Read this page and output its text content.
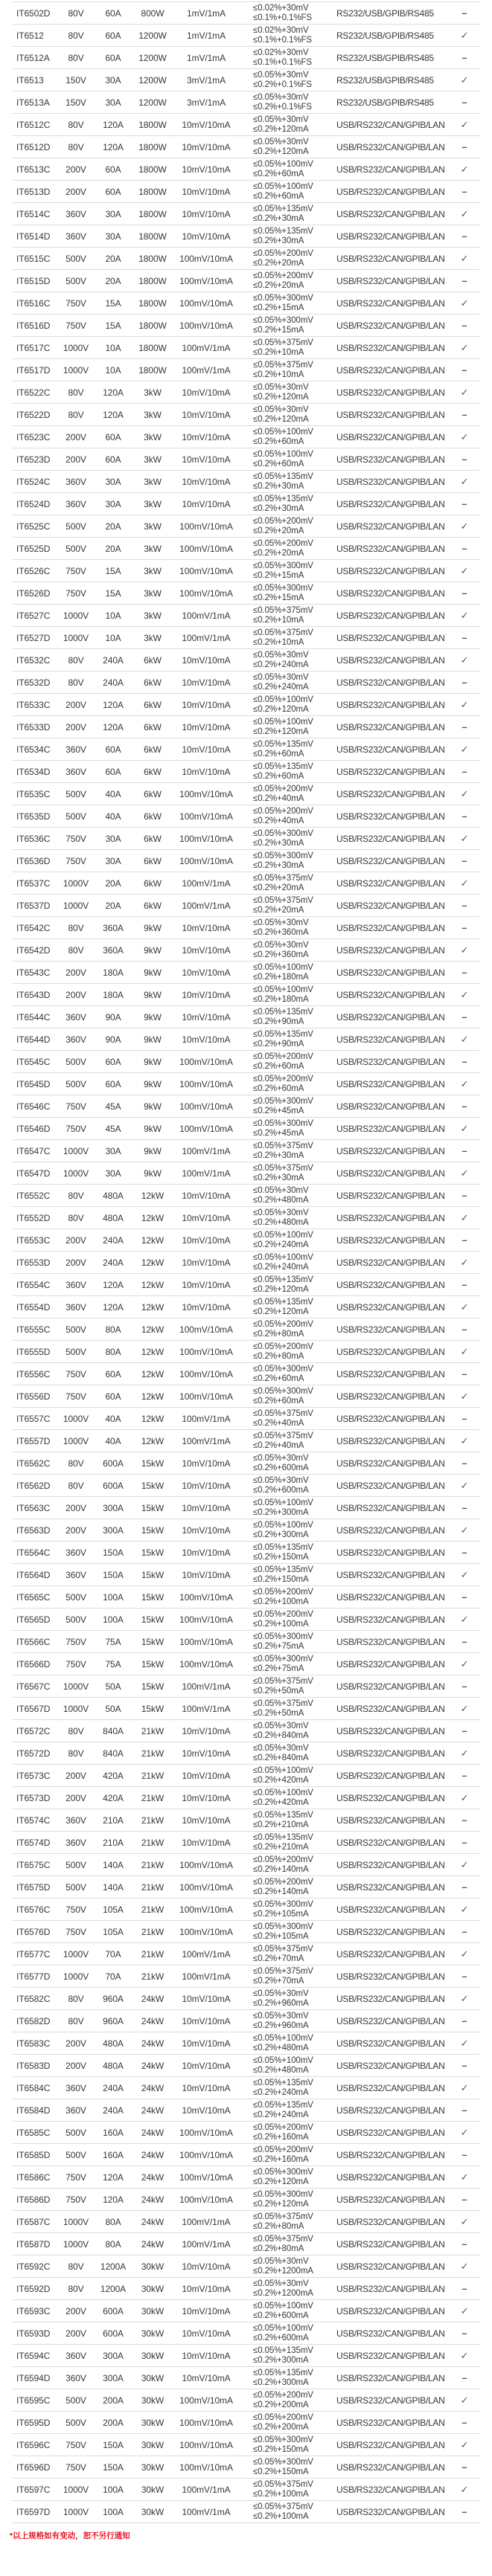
IT6502D	80V	60A	800W	1mV/1mA	≤0.02%+30mV
≤0.1%+0.1%FS	RS232/USB/GPIB/RS485	–
IT6512	80V	60A	1200W	1mV/1mA	≤0.02%+30mV
≤0.1%+0.1%FS	RS232/USB/GPIB/RS485	✓
IT6512A	80V	60A	1200W	1mV/1mA	≤0.02%+30mV
≤0.1%+0.1%FS	RS232/USB/GPIB/RS485	–
IT6513	150V	30A	1200W	3mV/1mA	≤0.05%+30mV
≤0.2%+0.1%FS	RS232/USB/GPIB/RS485	✓
IT6513A	150V	30A	1200W	3mV/1mA	≤0.05%+30mV
≤0.2%+0.1%FS	RS232/USB/GPIB/RS485	–
IT6512C	80V	120A	1800W	10mV/10mA	≤0.05%+30mV
≤0.2%+120mA	USB/RS232/CAN/GPIB/LAN	✓
IT6512D	80V	120A	1800W	10mV/10mA	≤0.05%+30mV
≤0.2%+120mA	USB/RS232/CAN/GPIB/LAN	–
IT6513C	200V	60A	1800W	10mV/10mA	≤0.05%+100mV
≤0.2%+60mA	USB/RS232/CAN/GPIB/LAN	✓
IT6513D	200V	60A	1800W	10mV/10mA	≤0.05%+100mV
≤0.2%+60mA	USB/RS232/CAN/GPIB/LAN	–
IT6514C	360V	30A	1800W	10mV/10mA	≤0.05%+135mV
≤0.2%+30mA	USB/RS232/CAN/GPIB/LAN	✓
IT6514D	360V	30A	1800W	10mV/10mA	≤0.05%+135mV
≤0.2%+30mA	USB/RS232/CAN/GPIB/LAN	–
IT6515C	500V	20A	1800W	100mV/10mA	≤0.05%+200mV
≤0.2%+20mA	USB/RS232/CAN/GPIB/LAN	✓
IT6515D	500V	20A	1800W	100mV/10mA	≤0.05%+200mV
≤0.2%+20mA	USB/RS232/CAN/GPIB/LAN	–
IT6516C	750V	15A	1800W	100mV/10mA	≤0.05%+300mV
≤0.2%+15mA	USB/RS232/CAN/GPIB/LAN	✓
IT6516D	750V	15A	1800W	100mV/10mA	≤0.05%+300mV
≤0.2%+15mA	USB/RS232/CAN/GPIB/LAN	–
IT6517C	1000V	10A	1800W	100mV/1mA	≤0.05%+375mV
≤0.2%+10mA	USB/RS232/CAN/GPIB/LAN	✓
IT6517D	1000V	10A	1800W	100mV/1mA	≤0.05%+375mV
≤0.2%+10mA	USB/RS232/CAN/GPIB/LAN	–
IT6522C	80V	120A	3kW	10mV/10mA	≤0.05%+30mV
≤0.2%+120mA	USB/RS232/CAN/GPIB/LAN	✓
IT6522D	80V	120A	3kW	10mV/10mA	≤0.05%+30mV
≤0.2%+120mA	USB/RS232/CAN/GPIB/LAN	–
IT6523C	200V	60A	3kW	10mV/10mA	≤0.05%+100mV
≤0.2%+60mA	USB/RS232/CAN/GPIB/LAN	✓
IT6523D	200V	60A	3kW	10mV/10mA	≤0.05%+100mV
≤0.2%+60mA	USB/RS232/CAN/GPIB/LAN	–
IT6524C	360V	30A	3kW	10mV/10mA	≤0.05%+135mV
≤0.2%+30mA	USB/RS232/CAN/GPIB/LAN	✓
IT6524D	360V	30A	3kW	10mV/10mA	≤0.05%+135mV
≤0.2%+30mA	USB/RS232/CAN/GPIB/LAN	–
IT6525C	500V	20A	3kW	100mV/10mA	≤0.05%+200mV
≤0.2%+20mA	USB/RS232/CAN/GPIB/LAN	✓
IT6525D	500V	20A	3kW	100mV/10mA	≤0.05%+200mV
≤0.2%+20mA	USB/RS232/CAN/GPIB/LAN	–
IT6526C	750V	15A	3kW	100mV/10mA	≤0.05%+300mV
≤0.2%+15mA	USB/RS232/CAN/GPIB/LAN	✓
IT6526D	750V	15A	3kW	100mV/10mA	≤0.05%+300mV
≤0.2%+15mA	USB/RS232/CAN/GPIB/LAN	–
IT6527C	1000V	10A	3kW	100mV/1mA	≤0.05%+375mV
≤0.2%+10mA	USB/RS232/CAN/GPIB/LAN	✓
IT6527D	1000V	10A	3kW	100mV/1mA	≤0.05%+375mV
≤0.2%+10mA	USB/RS232/CAN/GPIB/LAN	–
IT6532C	80V	240A	6kW	10mV/10mA	≤0.05%+30mV
≤0.2%+240mA	USB/RS232/CAN/GPIB/LAN	✓
IT6532D	80V	240A	6kW	10mV/10mA	≤0.05%+30mV
≤0.2%+240mA	USB/RS232/CAN/GPIB/LAN	–
IT6533C	200V	120A	6kW	10mV/10mA	≤0.05%+100mV
≤0.2%+120mA	USB/RS232/CAN/GPIB/LAN	✓
IT6533D	200V	120A	6kW	10mV/10mA	≤0.05%+100mV
≤0.2%+120mA	USB/RS232/CAN/GPIB/LAN	–
IT6534C	360V	60A	6kW	10mV/10mA	≤0.05%+135mV
≤0.2%+60mA	USB/RS232/CAN/GPIB/LAN	✓
IT6534D	360V	60A	6kW	10mV/10mA	≤0.05%+135mV
≤0.2%+60mA	USB/RS232/CAN/GPIB/LAN	–
IT6535C	500V	40A	6kW	100mV/10mA	≤0.05%+200mV
≤0.2%+40mA	USB/RS232/CAN/GPIB/LAN	✓
IT6535D	500V	40A	6kW	100mV/10mA	≤0.05%+200mV
≤0.2%+40mA	USB/RS232/CAN/GPIB/LAN	–
IT6536C	750V	30A	6kW	100mV/10mA	≤0.05%+300mV
≤0.2%+30mA	USB/RS232/CAN/GPIB/LAN	✓
IT6536D	750V	30A	6kW	100mV/10mA	≤0.05%+300mV
≤0.2%+30mA	USB/RS232/CAN/GPIB/LAN	–
IT6537C	1000V	20A	6kW	100mV/1mA	≤0.05%+375mV
≤0.2%+20mA	USB/RS232/CAN/GPIB/LAN	✓
IT6537D	1000V	20A	6kW	100mV/1mA	≤0.05%+375mV
≤0.2%+20mA	USB/RS232/CAN/GPIB/LAN	–
IT6542C	80V	360A	9kW	10mV/10mA	≤0.05%+30mV
≤0.2%+360mA	USB/RS232/CAN/GPIB/LAN	–
IT6542D	80V	360A	9kW	10mV/10mA	≤0.05%+30mV
≤0.2%+360mA	USB/RS232/CAN/GPIB/LAN	✓
IT6543C	200V	180A	9kW	10mV/10mA	≤0.05%+100mV
≤0.2%+180mA	USB/RS232/CAN/GPIB/LAN	–
IT6543D	200V	180A	9kW	10mV/10mA	≤0.05%+100mV
≤0.2%+180mA	USB/RS232/CAN/GPIB/LAN	✓
IT6544C	360V	90A	9kW	10mV/10mA	≤0.05%+135mV
≤0.2%+90mA	USB/RS232/CAN/GPIB/LAN	–
IT6544D	360V	90A	9kW	10mV/10mA	≤0.05%+135mV
≤0.2%+90mA	USB/RS232/CAN/GPIB/LAN	✓
IT6545C	500V	60A	9kW	100mV/10mA	≤0.05%+200mV
≤0.2%+60mA	USB/RS232/CAN/GPIB/LAN	–
IT6545D	500V	60A	9kW	100mV/10mA	≤0.05%+200mV
≤0.2%+60mA	USB/RS232/CAN/GPIB/LAN	✓
IT6546C	750V	45A	9kW	100mV/10mA	≤0.05%+300mV
≤0.2%+45mA	USB/RS232/CAN/GPIB/LAN	–
IT6546D	750V	45A	9kW	100mV/10mA	≤0.05%+300mV
≤0.2%+45mA	USB/RS232/CAN/GPIB/LAN	✓
IT6547C	1000V	30A	9kW	100mV/1mA	≤0.05%+375mV
≤0.2%+30mA	USB/RS232/CAN/GPIB/LAN	–
IT6547D	1000V	30A	9kW	100mV/1mA	≤0.05%+375mV
≤0.2%+30mA	USB/RS232/CAN/GPIB/LAN	✓
IT6552C	80V	480A	12kW	10mV/10mA	≤0.05%+30mV
≤0.2%+480mA	USB/RS232/CAN/GPIB/LAN	–
IT6552D	80V	480A	12kW	10mV/10mA	≤0.05%+30mV
≤0.2%+480mA	USB/RS232/CAN/GPIB/LAN	✓
IT6553C	200V	240A	12kW	10mV/10mA	≤0.05%+100mV
≤0.2%+240mA	USB/RS232/CAN/GPIB/LAN	–
IT6553D	200V	240A	12kW	10mV/10mA	≤0.05%+100mV
≤0.2%+240mA	USB/RS232/CAN/GPIB/LAN	✓
IT6554C	360V	120A	12kW	10mV/10mA	≤0.05%+135mV
≤0.2%+120mA	USB/RS232/CAN/GPIB/LAN	–
IT6554D	360V	120A	12kW	10mV/10mA	≤0.05%+135mV
≤0.2%+120mA	USB/RS232/CAN/GPIB/LAN	✓
IT6555C	500V	80A	12kW	100mV/10mA	≤0.05%+200mV
≤0.2%+80mA	USB/RS232/CAN/GPIB/LAN	–
IT6555D	500V	80A	12kW	100mV/10mA	≤0.05%+200mV
≤0.2%+80mA	USB/RS232/CAN/GPIB/LAN	✓
IT6556C	750V	60A	12kW	100mV/10mA	≤0.05%+300mV
≤0.2%+60mA	USB/RS232/CAN/GPIB/LAN	–
IT6556D	750V	60A	12kW	100mV/10mA	≤0.05%+300mV
≤0.2%+60mA	USB/RS232/CAN/GPIB/LAN	✓
IT6557C	1000V	40A	12kW	100mV/1mA	≤0.05%+375mV
≤0.2%+40mA	USB/RS232/CAN/GPIB/LAN	–
IT6557D	1000V	40A	12kW	100mV/1mA	≤0.05%+375mV
≤0.2%+40mA	USB/RS232/CAN/GPIB/LAN	✓
IT6562C	80V	600A	15kW	10mV/10mA	≤0.05%+30mV
≤0.2%+600mA	USB/RS232/CAN/GPIB/LAN	–
IT6562D	80V	600A	15kW	10mV/10mA	≤0.05%+30mV
≤0.2%+600mA	USB/RS232/CAN/GPIB/LAN	✓
IT6563C	200V	300A	15kW	10mV/10mA	≤0.05%+100mV
≤0.2%+300mA	USB/RS232/CAN/GPIB/LAN	–
IT6563D	200V	300A	15kW	10mV/10mA	≤0.05%+100mV
≤0.2%+300mA	USB/RS232/CAN/GPIB/LAN	✓
IT6564C	360V	150A	15kW	10mV/10mA	≤0.05%+135mV
≤0.2%+150mA	USB/RS232/CAN/GPIB/LAN	–
IT6564D	360V	150A	15kW	10mV/10mA	≤0.05%+135mV
≤0.2%+150mA	USB/RS232/CAN/GPIB/LAN	✓
IT6565C	500V	100A	15kW	100mV/10mA	≤0.05%+200mV
≤0.2%+100mA	USB/RS232/CAN/GPIB/LAN	–
IT6565D	500V	100A	15kW	100mV/10mA	≤0.05%+200mV
≤0.2%+100mA	USB/RS232/CAN/GPIB/LAN	✓
IT6566C	750V	75A	15kW	100mV/10mA	≤0.05%+300mV
≤0.2%+75mA	USB/RS232/CAN/GPIB/LAN	–
IT6566D	750V	75A	15kW	100mV/10mA	≤0.05%+300mV
≤0.2%+75mA	USB/RS232/CAN/GPIB/LAN	✓
IT6567C	1000V	50A	15kW	100mV/1mA	≤0.05%+375mV
≤0.2%+50mA	USB/RS232/CAN/GPIB/LAN	–
IT6567D	1000V	50A	15kW	100mV/1mA	≤0.05%+375mV
≤0.2%+50mA	USB/RS232/CAN/GPIB/LAN	✓
IT6572C	80V	840A	21kW	10mV/10mA	≤0.05%+30mV
≤0.2%+840mA	USB/RS232/CAN/GPIB/LAN	–
IT6572D	80V	840A	21kW	10mV/10mA	≤0.05%+30mV
≤0.2%+840mA	USB/RS232/CAN/GPIB/LAN	✓
IT6573C	200V	420A	21kW	10mV/10mA	≤0.05%+100mV
≤0.2%+420mA	USB/RS232/CAN/GPIB/LAN	–
IT6573D	200V	420A	21kW	10mV/10mA	≤0.05%+100mV
≤0.2%+420mA	USB/RS232/CAN/GPIB/LAN	✓
IT6574C	360V	210A	21kW	10mV/10mA	≤0.05%+135mV
≤0.2%+210mA	USB/RS232/CAN/GPIB/LAN	–
IT6574D	360V	210A	21kW	10mV/10mA	≤0.05%+135mV
≤0.2%+210mA	USB/RS232/CAN/GPIB/LAN	–
IT6575C	500V	140A	21kW	100mV/10mA	≤0.05%+200mV
≤0.2%+140mA	USB/RS232/CAN/GPIB/LAN	✓
IT6575D	500V	140A	21kW	100mV/10mA	≤0.05%+200mV
≤0.2%+140mA	USB/RS232/CAN/GPIB/LAN	–
IT6576C	750V	105A	21kW	100mV/10mA	≤0.05%+300mV
≤0.2%+105mA	USB/RS232/CAN/GPIB/LAN	✓
IT6576D	750V	105A	21kW	100mV/10mA	≤0.05%+300mV
≤0.2%+105mA	USB/RS232/CAN/GPIB/LAN	–
IT6577C	1000V	70A	21kW	100mV/1mA	≤0.05%+375mV
≤0.2%+70mA	USB/RS232/CAN/GPIB/LAN	✓
IT6577D	1000V	70A	21kW	100mV/1mA	≤0.05%+375mV
≤0.2%+70mA	USB/RS232/CAN/GPIB/LAN	–
IT6582C	80V	960A	24kW	10mV/10mA	≤0.05%+30mV
≤0.2%+960mA	USB/RS232/CAN/GPIB/LAN	✓
IT6582D	80V	960A	24kW	10mV/10mA	≤0.05%+30mV
≤0.2%+960mA	USB/RS232/CAN/GPIB/LAN	–
IT6583C	200V	480A	24kW	10mV/10mA	≤0.05%+100mV
≤0.2%+480mA	USB/RS232/CAN/GPIB/LAN	✓
IT6583D	200V	480A	24kW	10mV/10mA	≤0.05%+100mV
≤0.2%+480mA	USB/RS232/CAN/GPIB/LAN	–
IT6584C	360V	240A	24kW	10mV/10mA	≤0.05%+135mV
≤0.2%+240mA	USB/RS232/CAN/GPIB/LAN	✓
IT6584D	360V	240A	24kW	10mV/10mA	≤0.05%+135mV
≤0.2%+240mA	USB/RS232/CAN/GPIB/LAN	–
IT6585C	500V	160A	24kW	100mV/10mA	≤0.05%+200mV
≤0.2%+160mA	USB/RS232/CAN/GPIB/LAN	✓
IT6585D	500V	160A	24kW	100mV/10mA	≤0.05%+200mV
≤0.2%+160mA	USB/RS232/CAN/GPIB/LAN	–
IT6586C	750V	120A	24kW	100mV/10mA	≤0.05%+300mV
≤0.2%+120mA	USB/RS232/CAN/GPIB/LAN	✓
IT6586D	750V	120A	24kW	100mV/10mA	≤0.05%+300mV
≤0.2%+120mA	USB/RS232/CAN/GPIB/LAN	–
IT6587C	1000V	80A	24kW	100mV/1mA	≤0.05%+375mV
≤0.2%+80mA	USB/RS232/CAN/GPIB/LAN	✓
IT6587D	1000V	80A	24kW	100mV/1mA	≤0.05%+375mV
≤0.2%+80mA	USB/RS232/CAN/GPIB/LAN	–
IT6592C	80V	1200A	30kW	10mV/10mA	≤0.05%+30mV
≤0.2%+1200mA	USB/RS232/CAN/GPIB/LAN	✓
IT6592D	80V	1200A	30kW	10mV/10mA	≤0.05%+30mV
≤0.2%+1200mA	USB/RS232/CAN/GPIB/LAN	–
IT6593C	200V	600A	30kW	10mV/10mA	≤0.05%+100mV
≤0.2%+600mA	USB/RS232/CAN/GPIB/LAN	✓
IT6593D	200V	600A	30kW	10mV/10mA	≤0.05%+100mV
≤0.2%+600mA	USB/RS232/CAN/GPIB/LAN	–
IT6594C	360V	300A	30kW	10mV/10mA	≤0.05%+135mV
≤0.2%+300mA	USB/RS232/CAN/GPIB/LAN	✓
IT6594D	360V	300A	30kW	10mV/10mA	≤0.05%+135mV
≤0.2%+300mA	USB/RS232/CAN/GPIB/LAN	–
IT6595C	500V	200A	30kW	100mV/10mA	≤0.05%+200mV
≤0.2%+200mA	USB/RS232/CAN/GPIB/LAN	✓
IT6595D	500V	200A	30kW	100mV/10mA	≤0.05%+200mV
≤0.2%+200mA	USB/RS232/CAN/GPIB/LAN	–
IT6596C	750V	150A	30kW	100mV/10mA	≤0.05%+300mV
≤0.2%+150mA	USB/RS232/CAN/GPIB/LAN	✓
IT6596D	750V	150A	30kW	100mV/10mA	≤0.05%+300mV
≤0.2%+150mA	USB/RS232/CAN/GPIB/LAN	–
IT6597C	1000V	100A	30kW	100mV/1mA	≤0.05%+375mV
≤0.2%+100mA	USB/RS232/CAN/GPIB/LAN	✓
IT6597D	1000V	100A	30kW	100mV/1mA	≤0.05%+375mV
≤0.2%+100mA	USB/RS232/CAN/GPIB/LAN	–
*以上规格如有变动，恕不另行通知
